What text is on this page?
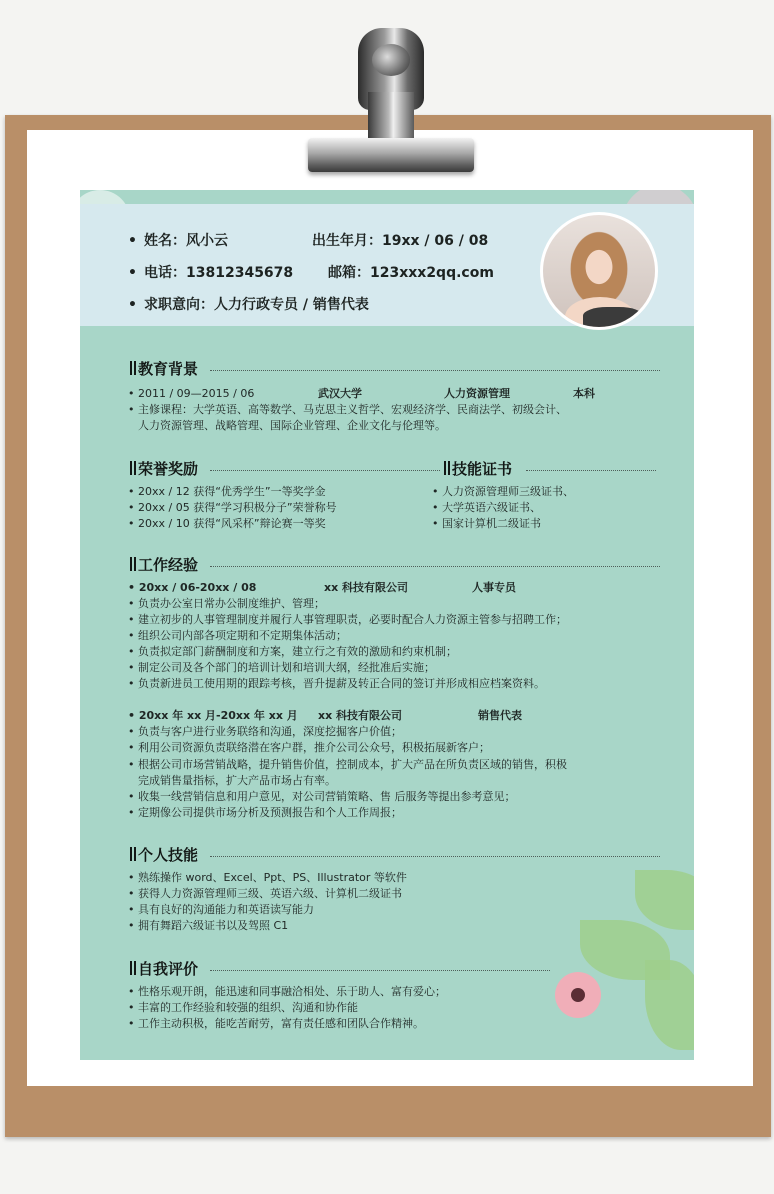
• 姓名：风小云	出生年月：19xx / 06 / 08
• 电话：13812345678 邮箱：123xxx2qq.com
• 求职意向：人力行政专员 / 销售代表
教育背景
• 2011 / 09—2015 / 06	武汉大学	人力资源管理	本科
• 主修课程：大学英语、高等数学、马克思主义哲学、宏观经济学、民商法学、初级会计、
人力资源管理、战略管理、国际企业管理、企业文化与伦理等。
荣誉奖励
• 20xx / 12 获得“优秀学生”一等奖学金
• 20xx / 05 获得“学习积极分子”荣誉称号
• 20xx / 10 获得“风采杯”辩论赛一等奖
技能证书
• 人力资源管理师三级证书、
• 大学英语六级证书、
• 国家计算机二级证书
工作经验
• 20xx / 06-20xx / 08	xx 科技有限公司	人事专员
• 负责办公室日常办公制度维护、管理；
• 建立初步的人事管理制度并履行人事管理职责，必要时配合人力资源主管参与招聘工作；
• 组织公司内部各项定期和不定期集体活动；
• 负责拟定部门薪酬制度和方案，建立行之有效的激励和约束机制；
• 制定公司及各个部门的培训计划和培训大纲，经批准后实施；
• 负责新进员工使用期的跟踪考核，晋升提薪及转正合同的签订并形成相应档案资料。
• 20xx 年 xx 月-20xx 年 xx 月 xx 科技有限公司	销售代表
• 负责与客户进行业务联络和沟通，深度挖掘客户价值；
• 利用公司资源负责联络潜在客户群，推介公司公众号，积极拓展新客户；
• 根据公司市场营销战略，提升销售价值，控制成本，扩大产品在所负责区域的销售，积极
完成销售量指标，扩大产品市场占有率。
• 收集一线营销信息和用户意见，对公司营销策略、售 后服务等提出参考意见；
• 定期像公司提供市场分析及预测报告和个人工作周报；
个人技能
• 熟练操作 word、Excel、Ppt、PS、Illustrator 等软件
• 获得人力资源管理师三级、英语六级、计算机二级证书
• 具有良好的沟通能力和英语读写能力
• 拥有舞蹈六级证书以及驾照 C1
自我评价
• 性格乐观开朗，能迅速和同事融洽相处、乐于助人、富有爱心；
• 丰富的工作经验和较强的组织、沟通和协作能
• 工作主动积极，能吃苦耐劳，富有责任感和团队合作精神。
